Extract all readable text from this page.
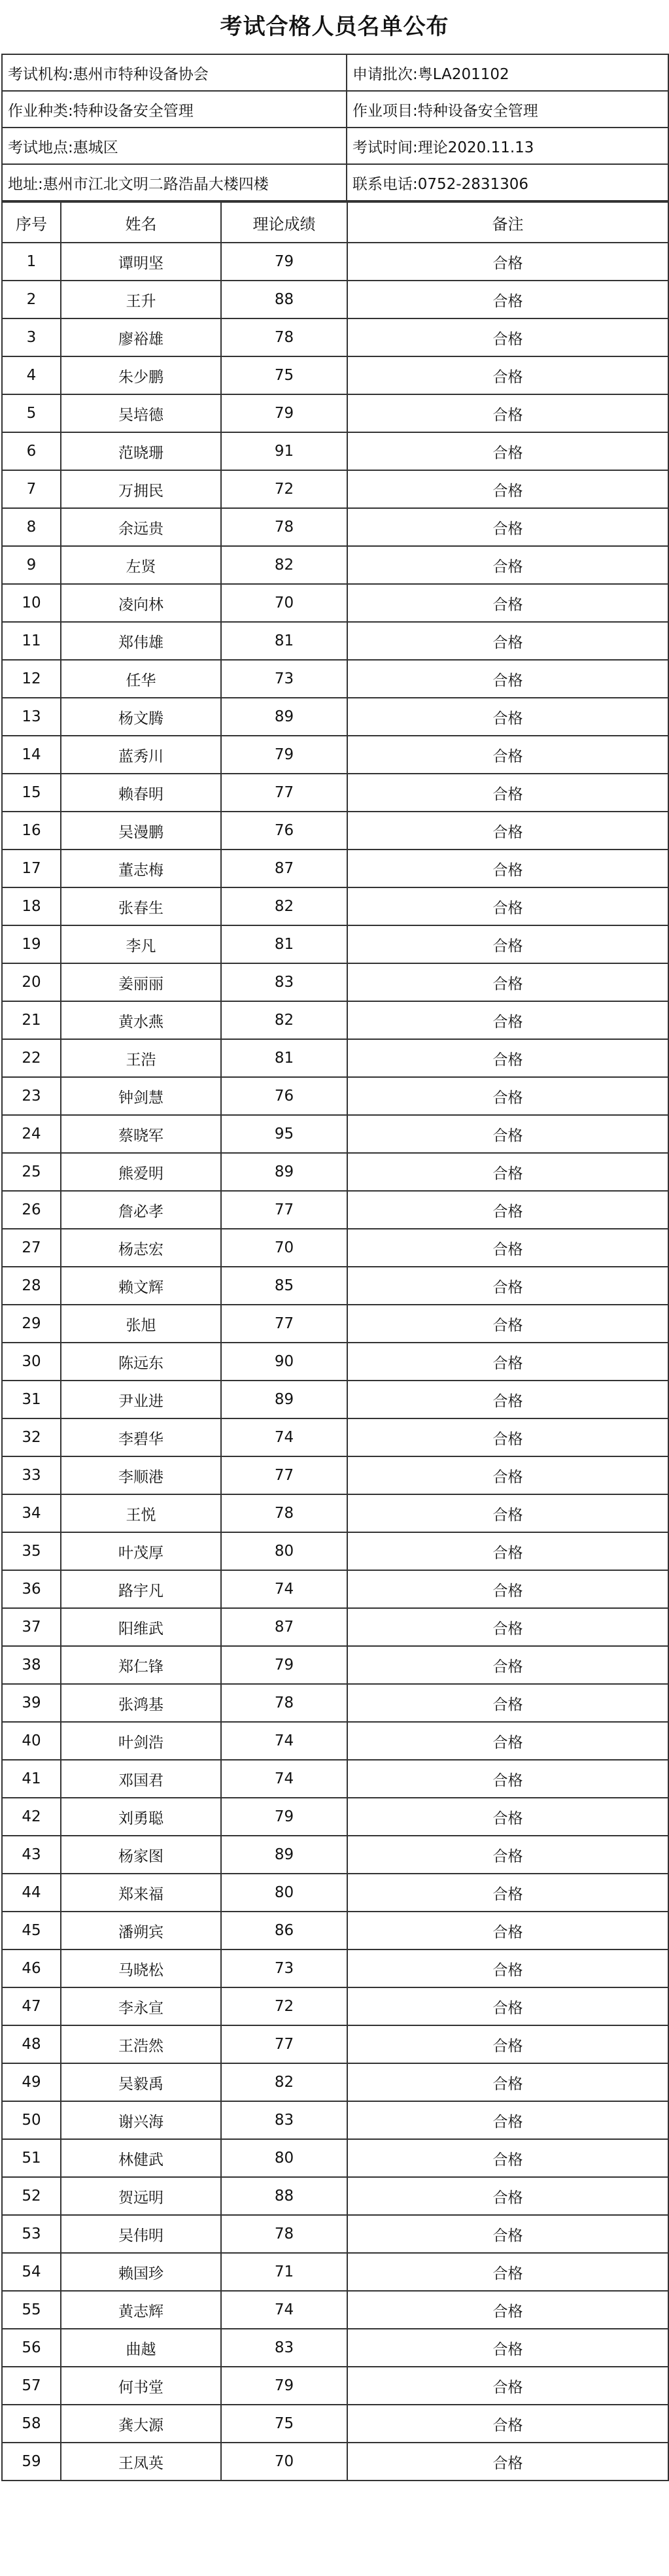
考试合格人员名单公布
考试机构:惠州市特种设备协会	申请批次:粤LA201102
作业种类:特种设备安全管理	作业项目:特种设备安全管理
考试地点:惠城区	考试时间:理论2020.11.13
地址:惠州市江北文明二路浩晶大楼四楼	联系电话:0752-2831306
序号	姓名	理论成绩	备注
1	谭明坚	79	合格
2	王升	88	合格
3	廖裕雄	78	合格
4	朱少鹏	75	合格
5	吴培德	79	合格
6	范晓珊	91	合格
7	万拥民	72	合格
8	余远贵	78	合格
9	左贤	82	合格
10	凌向林	70	合格
11	郑伟雄	81	合格
12	任华	73	合格
13	杨文腾	89	合格
14	蓝秀川	79	合格
15	赖春明	77	合格
16	吴漫鹏	76	合格
17	董志梅	87	合格
18	张春生	82	合格
19	李凡	81	合格
20	姜丽丽	83	合格
21	黄水燕	82	合格
22	王浩	81	合格
23	钟剑慧	76	合格
24	蔡晓军	95	合格
25	熊爱明	89	合格
26	詹必孝	77	合格
27	杨志宏	70	合格
28	赖文辉	85	合格
29	张旭	77	合格
30	陈远东	90	合格
31	尹业进	89	合格
32	李碧华	74	合格
33	李顺港	77	合格
34	王悦	78	合格
35	叶茂厚	80	合格
36	路宇凡	74	合格
37	阳维武	87	合格
38	郑仁锋	79	合格
39	张鸿基	78	合格
40	叶剑浩	74	合格
41	邓国君	74	合格
42	刘勇聪	79	合格
43	杨家图	89	合格
44	郑来福	80	合格
45	潘朔宾	86	合格
46	马晓松	73	合格
47	李永宣	72	合格
48	王浩然	77	合格
49	吴毅禹	82	合格
50	谢兴海	83	合格
51	林健武	80	合格
52	贺远明	88	合格
53	吴伟明	78	合格
54	赖国珍	71	合格
55	黄志辉	74	合格
56	曲越	83	合格
57	何书堂	79	合格
58	龚大源	75	合格
59	王凤英	70	合格
